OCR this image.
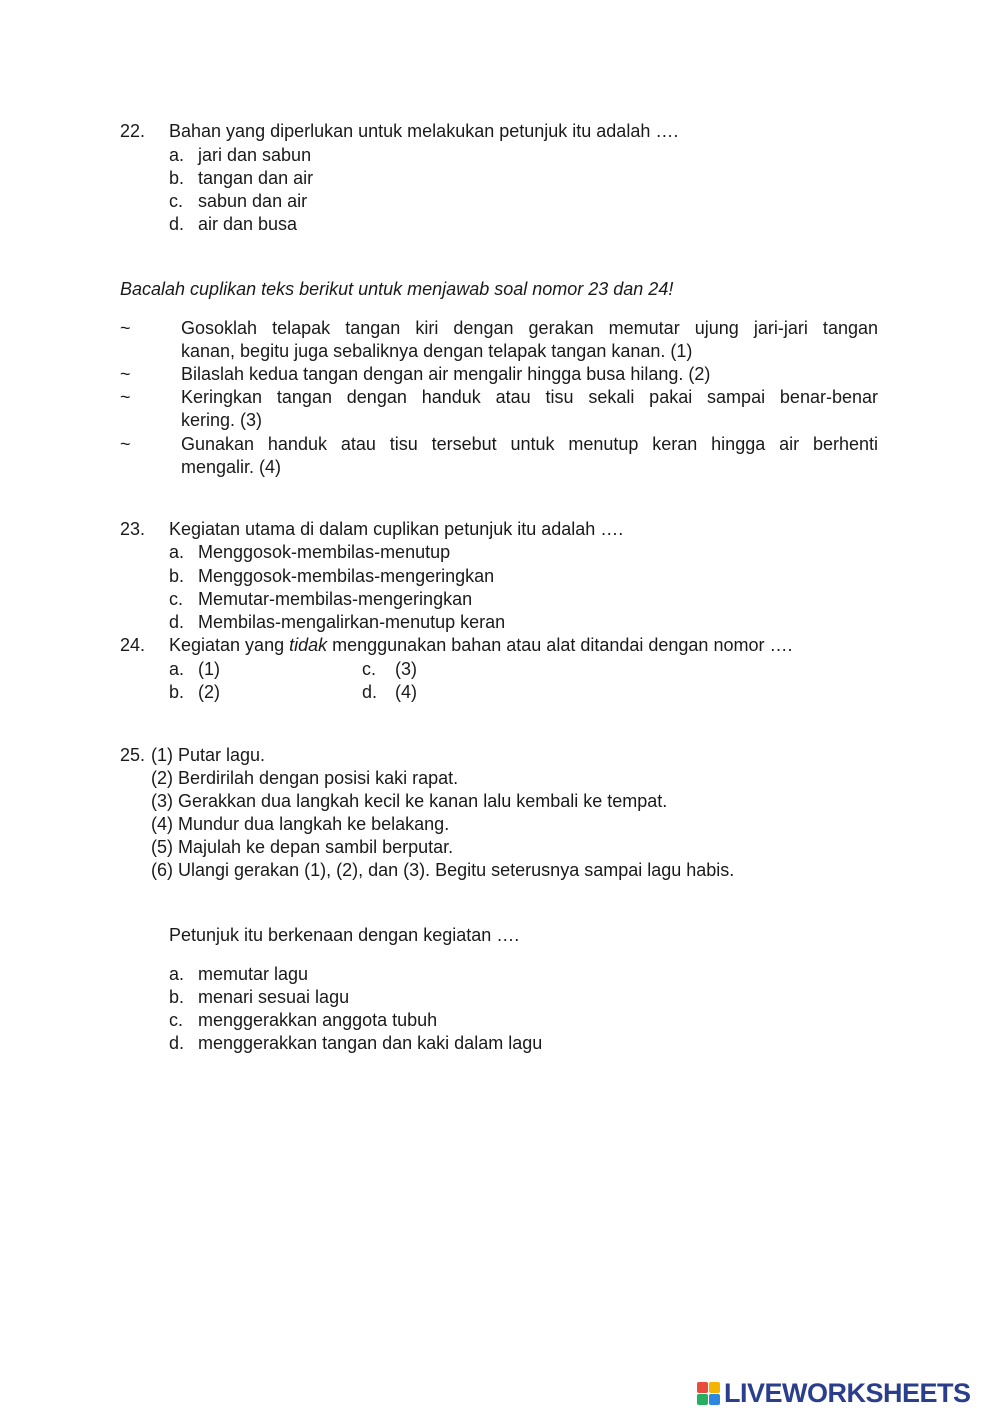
22. Bahan yang diperlukan untuk melakukan petunjuk itu adalah ….
a. jari dan sabun
b. tangan dan air
c. sabun dan air
d. air dan busa
Bacalah cuplikan teks berikut untuk menjawab soal nomor 23 dan 24!
~	Gosoklah telapak tangan kiri dengan gerakan memutar ujung jari-jari tangan
kanan, begitu juga sebaliknya dengan telapak tangan kanan. (1)
~	Bilaslah kedua tangan dengan air mengalir hingga busa hilang. (2)
~	Keringkan tangan dengan handuk atau tisu sekali pakai sampai benar-benar
kering. (3)
~	Gunakan handuk atau tisu tersebut untuk menutup keran hingga air berhenti
mengalir. (4)
23. Kegiatan utama di dalam cuplikan petunjuk itu adalah ….
a. Menggosok-membilas-menutup
b. Menggosok-membilas-mengeringkan
c. Memutar-membilas-mengeringkan
d. Membilas-mengalirkan-menutup keran
24. Kegiatan yang tidak menggunakan bahan atau alat ditandai dengan nomor ….
a. (1)	c. (3)
b. (2)	d. (4)
25. (1) Putar lagu.
(2) Berdirilah dengan posisi kaki rapat.
(3) Gerakkan dua langkah kecil ke kanan lalu kembali ke tempat.
(4) Mundur dua langkah ke belakang.
(5) Majulah ke depan sambil berputar.
(6) Ulangi gerakan (1), (2), dan (3). Begitu seterusnya sampai lagu habis.
Petunjuk itu berkenaan dengan kegiatan ….
a. memutar lagu
b. menari sesuai lagu
c. menggerakkan anggota tubuh
d. menggerakkan tangan dan kaki dalam lagu
LIVEWORKSHEETS
